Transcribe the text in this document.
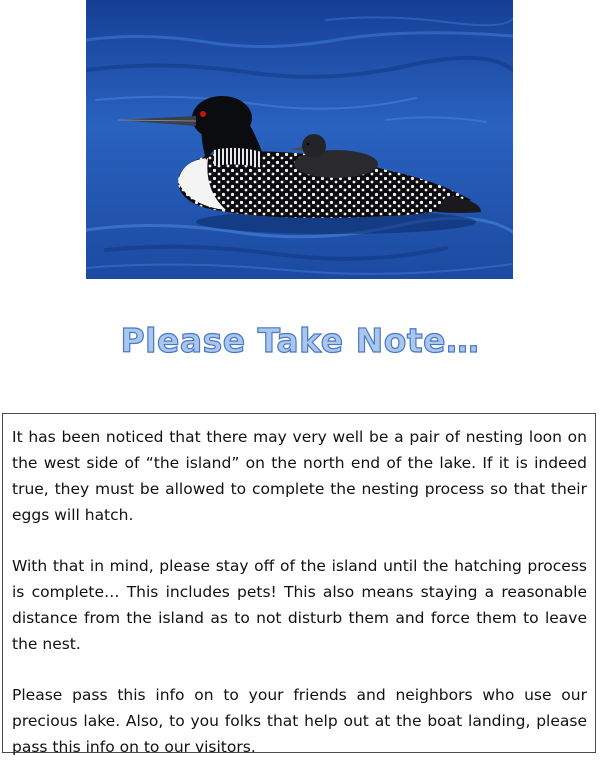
Please Take Note…

It has been noticed that there may very well be a pair of nesting loon on the west side of “the island” on the north end of the lake. If it is indeed true, they must be allowed to complete the nesting process so that their eggs will hatch.

With that in mind, please stay off of the island until the hatching process is complete… This includes pets! This also means staying a reasonable distance from the island as to not disturb them and force them to leave the nest.

Please pass this info on to your friends and neighbors who use our precious lake. Also, to you folks that help out at the boat landing, please pass this info on to our visitors.
